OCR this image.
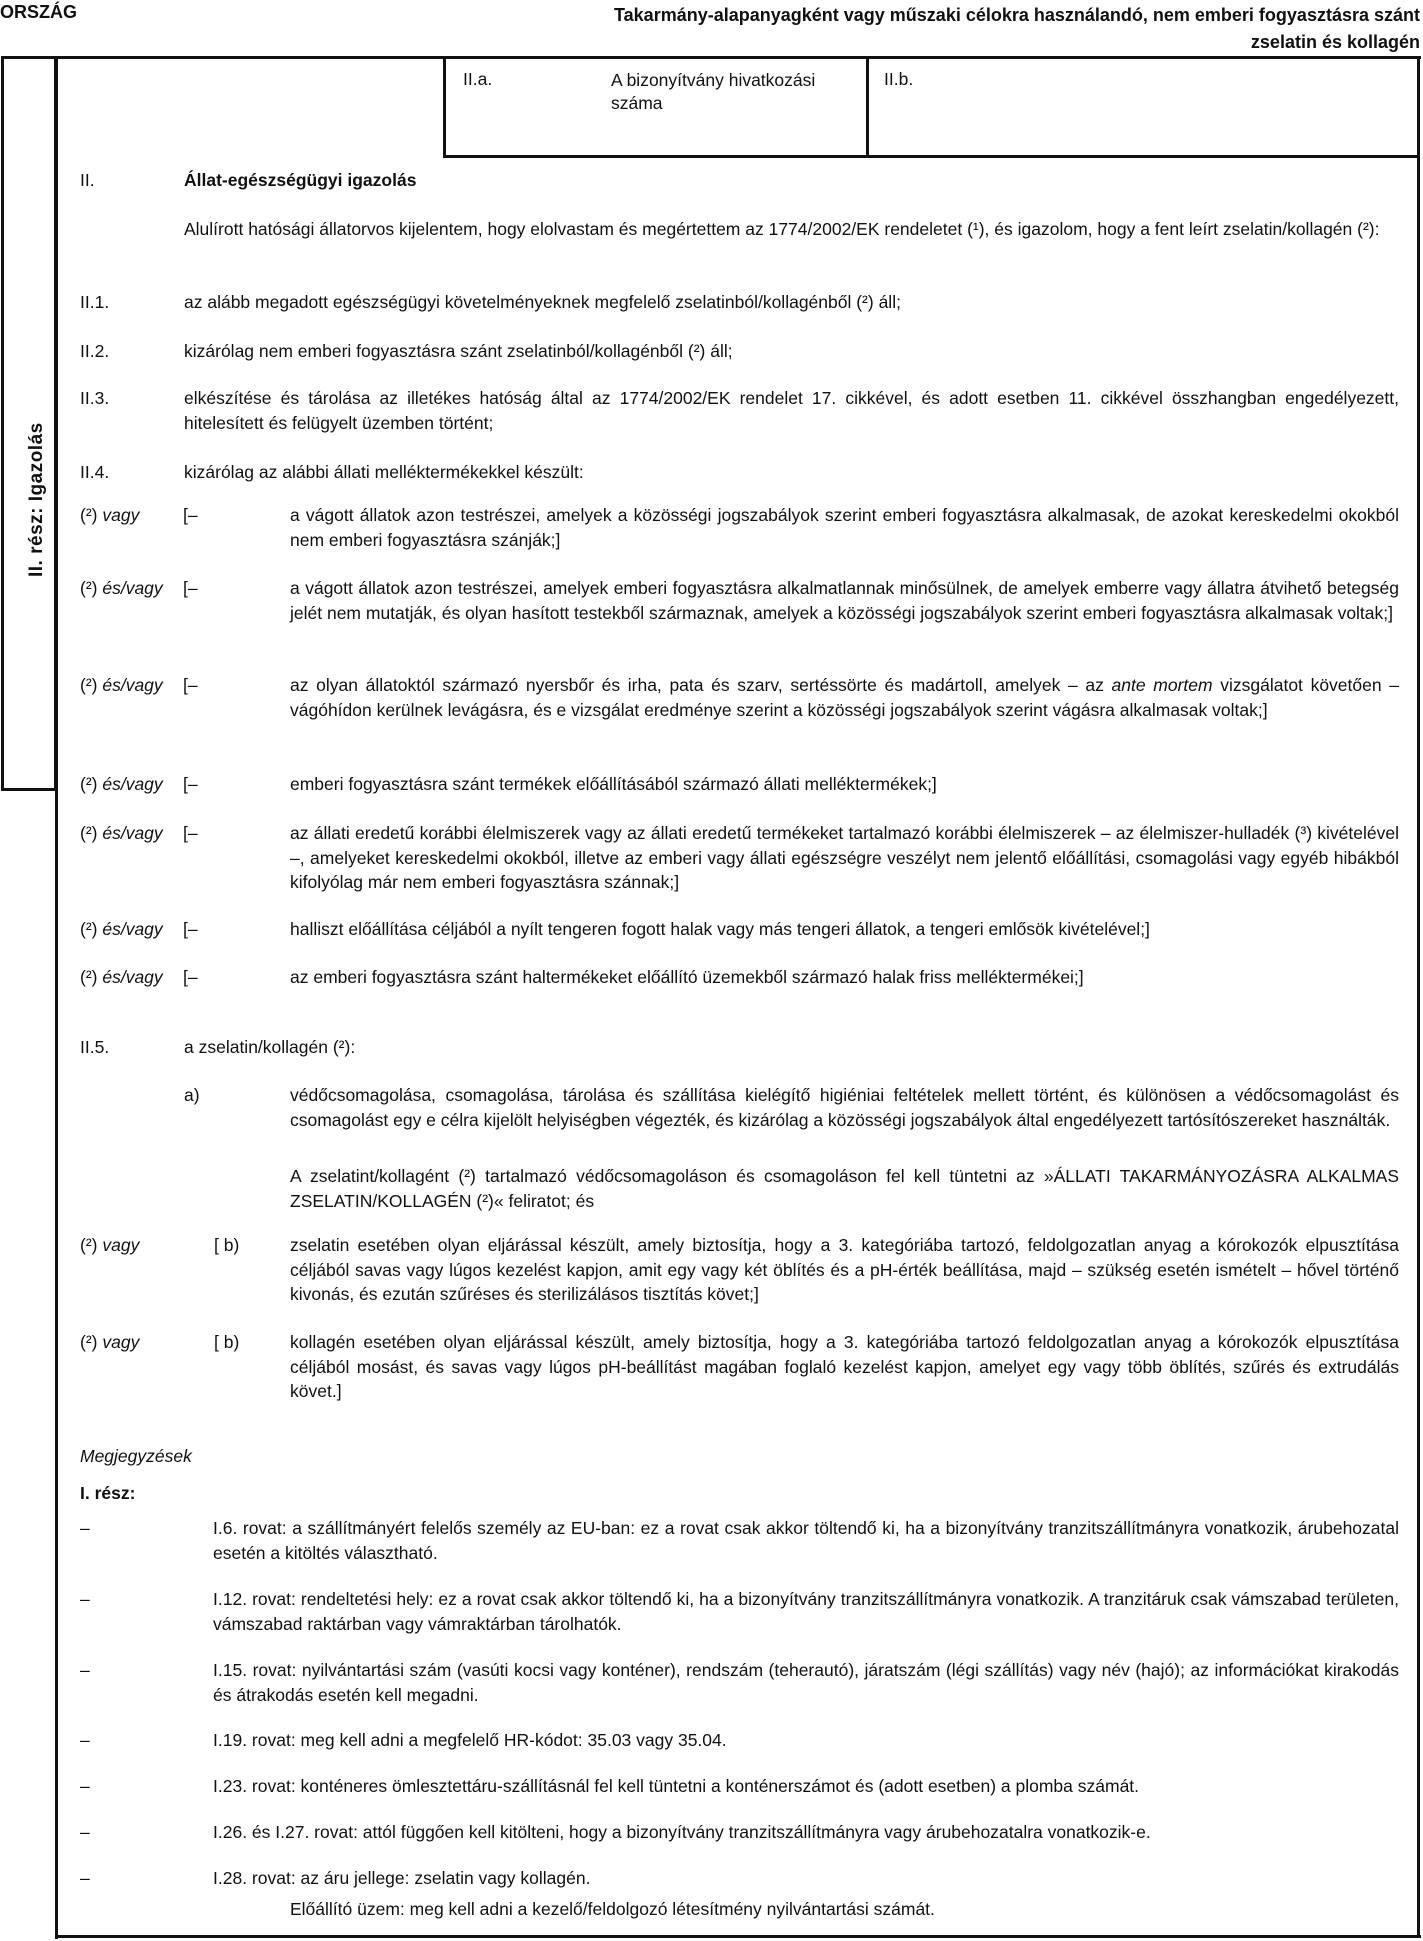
ORSZÁG	Takarmány-alapanyagként vagy műszaki célokra használandó, nem emberi fogyasztásra szánt
zselatin és kollagén
II. rész: Igazolás
II.a.	A bizonyítvány hivatkozási száma
II.b.
II.	Állat-egészségügyi igazolás
Alulírott hatósági állatorvos kijelentem, hogy elolvastam és megértettem az 1774/2002/EK rendeletet (¹), és igazolom, hogy a fent leírt zselatin/kollagén (²):
II.1.	az alább megadott egészségügyi követelményeknek megfelelő zselatinból/kollagénből (²) áll;
II.2.	kizárólag nem emberi fogyasztásra szánt zselatinból/kollagénből (²) áll;
II.3.	elkészítése és tárolása az illetékes hatóság által az 1774/2002/EK rendelet 17. cikkével, és adott esetben 11. cikkével összhangban engedélyezett, hitelesített és felügyelt üzemben történt;
II.4.	kizárólag az alábbi állati melléktermékekkel készült:
(²) vagy [–	a vágott állatok azon testrészei, amelyek a közösségi jogszabályok szerint emberi fogyasztásra alkalmasak, de azokat kereskedelmi okokból nem emberi fogyasztásra szánják;]
(²) és/vagy [–	a vágott állatok azon testrészei, amelyek emberi fogyasztásra alkalmatlannak minősülnek, de amelyek emberre vagy állatra átvihető betegség jelét nem mutatják, és olyan hasított testekből származnak, amelyek a közösségi jogszabályok szerint emberi fogyasztásra alkalmasak voltak;]
(²) és/vagy [–	az olyan állatoktól származó nyersbőr és irha, pata és szarv, sertéssörte és madártoll, amelyek – az ante mortem vizsgálatot követően – vágóhídon kerülnek levágásra, és e vizsgálat eredménye szerint a közösségi jogszabályok szerint vágásra alkalmasak voltak;]
(²) és/vagy [–	emberi fogyasztásra szánt termékek előállításából származó állati melléktermékek;]
(²) és/vagy [–	az állati eredetű korábbi élelmiszerek vagy az állati eredetű termékeket tartalmazó korábbi élelmiszerek – az élelmiszer-hulladék (³) kivételével –, amelyeket kereskedelmi okokból, illetve az emberi vagy állati egészségre veszélyt nem jelentő előállítási, csomagolási vagy egyéb hibákból kifolyólag már nem emberi fogyasztásra szánnak;]
(²) és/vagy [–	halliszt előállítása céljából a nyílt tengeren fogott halak vagy más tengeri állatok, a tengeri emlősök kivételével;]
(²) és/vagy [–	az emberi fogyasztásra szánt haltermékeket előállító üzemekből származó halak friss melléktermékei;]
II.5.	a zselatin/kollagén (²):
a)	védőcsomagolása, csomagolása, tárolása és szállítása kielégítő higiéniai feltételek mellett történt, és különösen a védőcsomagolást és csomagolást egy e célra kijelölt helyiségben végezték, és kizárólag a közösségi jogszabályok által engedélyezett tartósítószereket használták.
A zselatint/kollagént (²) tartalmazó védőcsomagoláson és csomagoláson fel kell tüntetni az »ÁLLATI TAKARMÁNYOZÁSRA ALKALMAS ZSELATIN/KOLLAGÉN (²)« feliratot; és
(²) vagy	[ b)	zselatin esetében olyan eljárással készült, amely biztosítja, hogy a 3. kategóriába tartozó, feldolgozatlan anyag a kórokozók elpusztítása céljából savas vagy lúgos kezelést kapjon, amit egy vagy két öblítés és a pH-érték beállítása, majd – szükség esetén ismételt – hővel történő kivonás, és ezután szűréses és sterilizálásos tisztítás követ;]
(²) vagy	[ b)	kollagén esetében olyan eljárással készült, amely biztosítja, hogy a 3. kategóriába tartozó feldolgozatlan anyag a kórokozók elpusztítása céljából mosást, és savas vagy lúgos pH-beállítást magában foglaló kezelést kapjon, amelyet egy vagy több öblítés, szűrés és extrudálás követ.]
Megjegyzések
I. rész:
–	I.6. rovat: a szállítmányért felelős személy az EU-ban: ez a rovat csak akkor töltendő ki, ha a bizonyítvány tranzitszállítmányra vonatkozik, árubehozatal esetén a kitöltés választható.
–	I.12. rovat: rendeltetési hely: ez a rovat csak akkor töltendő ki, ha a bizonyítvány tranzitszállítmányra vonatkozik. A tranzitáruk csak vámszabad területen, vámszabad raktárban vagy vámraktárban tárolhatók.
–	I.15. rovat: nyilvántartási szám (vasúti kocsi vagy konténer), rendszám (teherautó), járatszám (légi szállítás) vagy név (hajó); az információkat kirakodás és átrakodás esetén kell megadni.
–	I.19. rovat: meg kell adni a megfelelő HR-kódot: 35.03 vagy 35.04.
–	I.23. rovat: konténeres ömlesztettáru-szállításnál fel kell tüntetni a konténerszámot és (adott esetben) a plomba számát.
–	I.26. és I.27. rovat: attól függően kell kitölteni, hogy a bizonyítvány tranzitszállítmányra vagy árubehozatalra vonatkozik-e.
–	I.28. rovat: az áru jellege: zselatin vagy kollagén.
Előállító üzem: meg kell adni a kezelő/feldolgozó létesítmény nyilvántartási számát.
